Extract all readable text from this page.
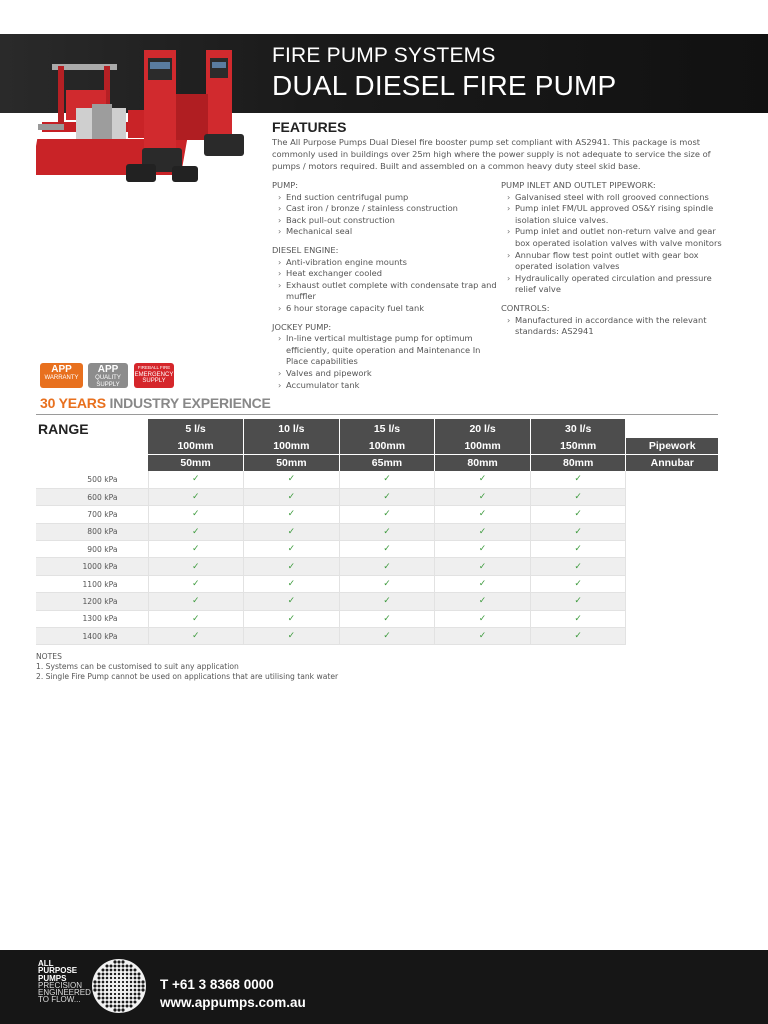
FIRE PUMP SYSTEMS
DUAL DIESEL FIRE PUMP
FEATURES
The All Purpose Pumps Dual Diesel fire booster pump set compliant with AS2941. This package is most commonly used in buildings over 25m high where the power supply is not adequate to service the size of pumps / motors required. Built and assembled on a common heavy duty steel skid base.
PUMP:
› End suction centrifugal pump
› Cast iron / bronze / stainless construction
› Back pull-out construction
› Mechanical seal
DIESEL ENGINE:
› Anti-vibration engine mounts
› Heat exchanger cooled
› Exhaust outlet complete with condensate trap and muffler
› 6 hour storage capacity fuel tank
JOCKEY PUMP:
› In-line vertical multistage pump for optimum efficiently, quite operation and Maintenance In Place capabilities
› Valves and pipework
› Accumulator tank
PUMP INLET AND OUTLET PIPEWORK:
› Galvanised steel with roll grooved connections
› Pump inlet FM/UL approved OS&Y rising spindle isolation sluice valves.
› Pump inlet and outlet non-return valve and gear box operated isolation valves with valve monitors
› Annubar flow test point outlet with gear box operated isolation valves
› Hydraulically operated circulation and pressure relief valve
CONTROLS:
› Manufactured in accordance with the relevant standards: AS2941
APP
WARRANTY
APP
QUALITY
SUPPLY
FIREBALL FIRE
EMERGENCY
SUPPLY
30 YEARS INDUSTRY EXPERIENCE
RANGE	5 l/s	10 l/s	15 l/s	20 l/s	30 l/s	
	100mm	100mm	100mm	100mm	150mm	Pipework
	50mm	50mm	65mm	80mm	80mm	Annubar
500 kPa	✓	✓	✓	✓	✓	
600 kPa	✓	✓	✓	✓	✓	
700 kPa	✓	✓	✓	✓	✓	
800 kPa	✓	✓	✓	✓	✓	
900 kPa	✓	✓	✓	✓	✓	
1000 kPa	✓	✓	✓	✓	✓	
1100 kPa	✓	✓	✓	✓	✓	
1200 kPa	✓	✓	✓	✓	✓	
1300 kPa	✓	✓	✓	✓	✓	
1400 kPa	✓	✓	✓	✓	✓	
NOTES
1. Systems can be customised to suit any application
2. Single Fire Pump cannot be used on applications that are utilising tank water
ALL
PURPOSE
PUMPS
PRECISION
ENGINEERED
TO FLOW...
T +61 3 8368 0000
www.appumps.com.au
